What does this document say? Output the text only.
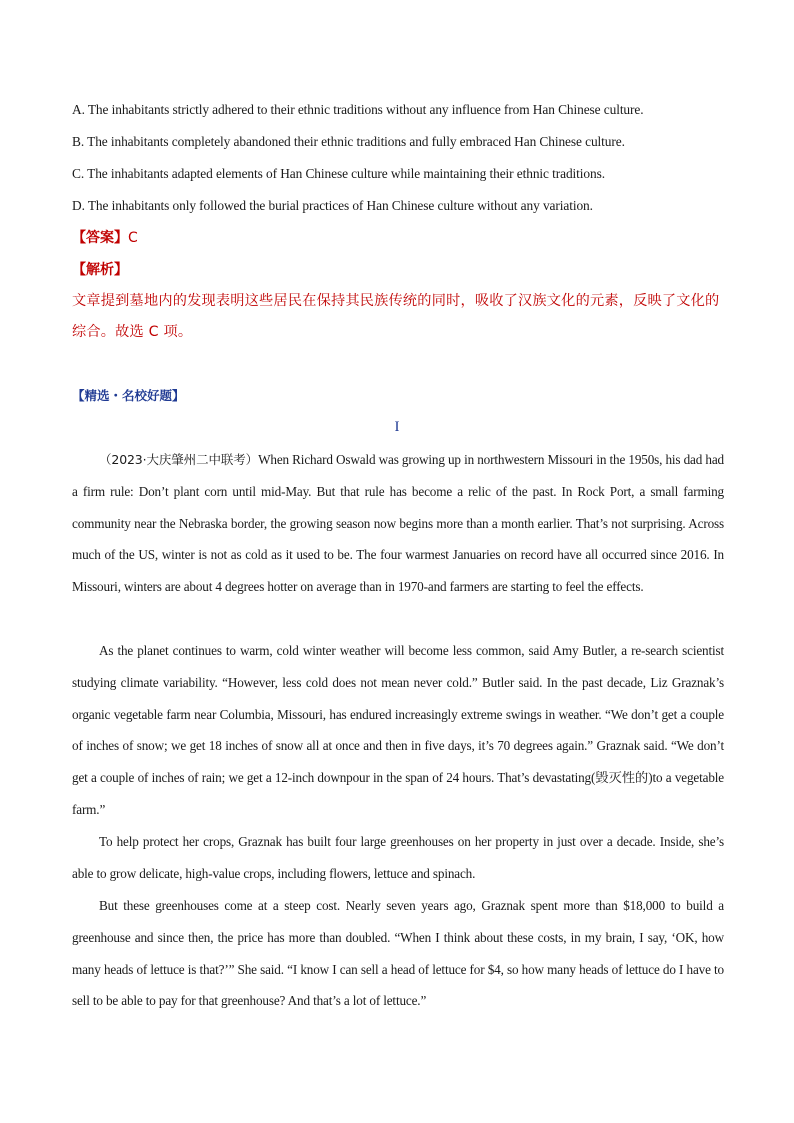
A. The inhabitants strictly adhered to their ethnic traditions without any influence from Han Chinese culture.
B. The inhabitants completely abandoned their ethnic traditions and fully embraced Han Chinese culture.
C. The inhabitants adapted elements of Han Chinese culture while maintaining their ethnic traditions.
D. The inhabitants only followed the burial practices of Han Chinese culture without any variation.
【答案】C
【解析】
文章提到墓地内的发现表明这些居民在保持其民族传统的同时，吸收了汉族文化的元素，反映了文化的综合。故选 C 项。
【精选・名校好题】
I
（2023·大庆肇州二中联考）When Richard Oswald was growing up in northwestern Missouri in the 1950s, his dad had a firm rule: Don’t plant corn until mid-May. But that rule has become a relic of the past. In Rock Port, a small farming community near the Nebraska border, the growing season now begins more than a month earlier. That’s not surprising. Across much of the US, winter is not as cold as it used to be. The four warmest Januaries on record have all occurred since 2016. In Missouri, winters are about 4 degrees hotter on average than in 1970-and farmers are starting to feel the effects.
As the planet continues to warm, cold winter weather will become less common, said Amy Butler, a re-search scientist studying climate variability. “However, less cold does not mean never cold.” Butler said. In the past decade, Liz Graznak’s organic vegetable farm near Columbia, Missouri, has endured increasingly extreme swings in weather. “We don’t get a couple of inches of snow; we get 18 inches of snow all at once and then in five days, it’s 70 degrees again.” Graznak said. “We don’t get a couple of inches of rain; we get a 12-inch downpour in the span of 24 hours. That’s devastating(毁灭性的)to a vegetable farm.”
To help protect her crops, Graznak has built four large greenhouses on her property in just over a decade. Inside, she’s able to grow delicate, high-value crops, including flowers, lettuce and spinach.
But these greenhouses come at a steep cost. Nearly seven years ago, Graznak spent more than $18,000 to build a greenhouse and since then, the price has more than doubled. “When I think about these costs, in my brain, I say, ‘OK, how many heads of lettuce is that?’” She said. “I know I can sell a head of lettuce for $4, so how many heads of lettuce do I have to sell to be able to pay for that greenhouse? And that’s a lot of lettuce.”
